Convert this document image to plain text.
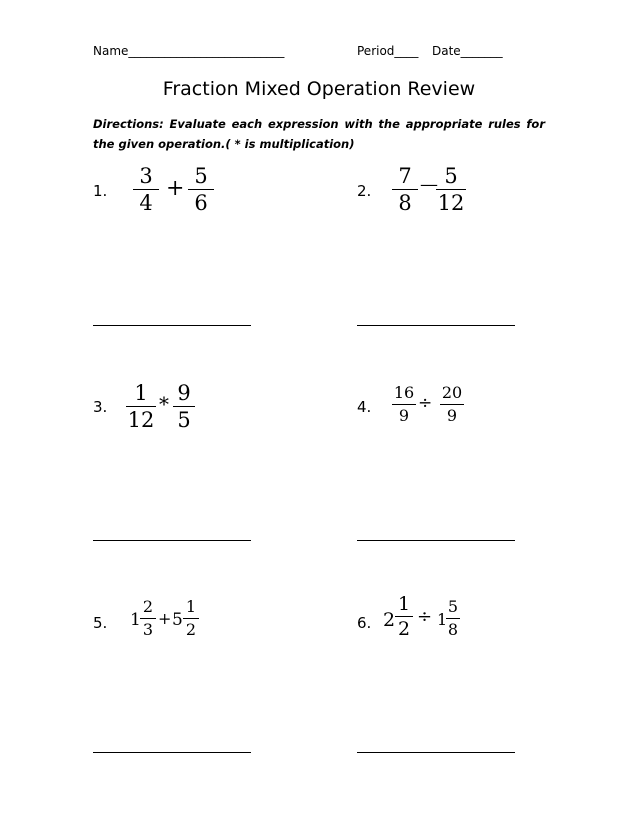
Name__________________________	Period____ Date_______
Fraction Mixed Operation Review
Directions: Evaluate each expression with the appropriate rules for the given operation.( * is multiplication)
1.
3
4
+ 5
6	2.
7
8
— 5
12
3.
1
12
* 9
5
4.
16
9
÷
20
9
5. 1
2
3
+ 5
1
2	6. 2
1
2
÷ 1
5
8
